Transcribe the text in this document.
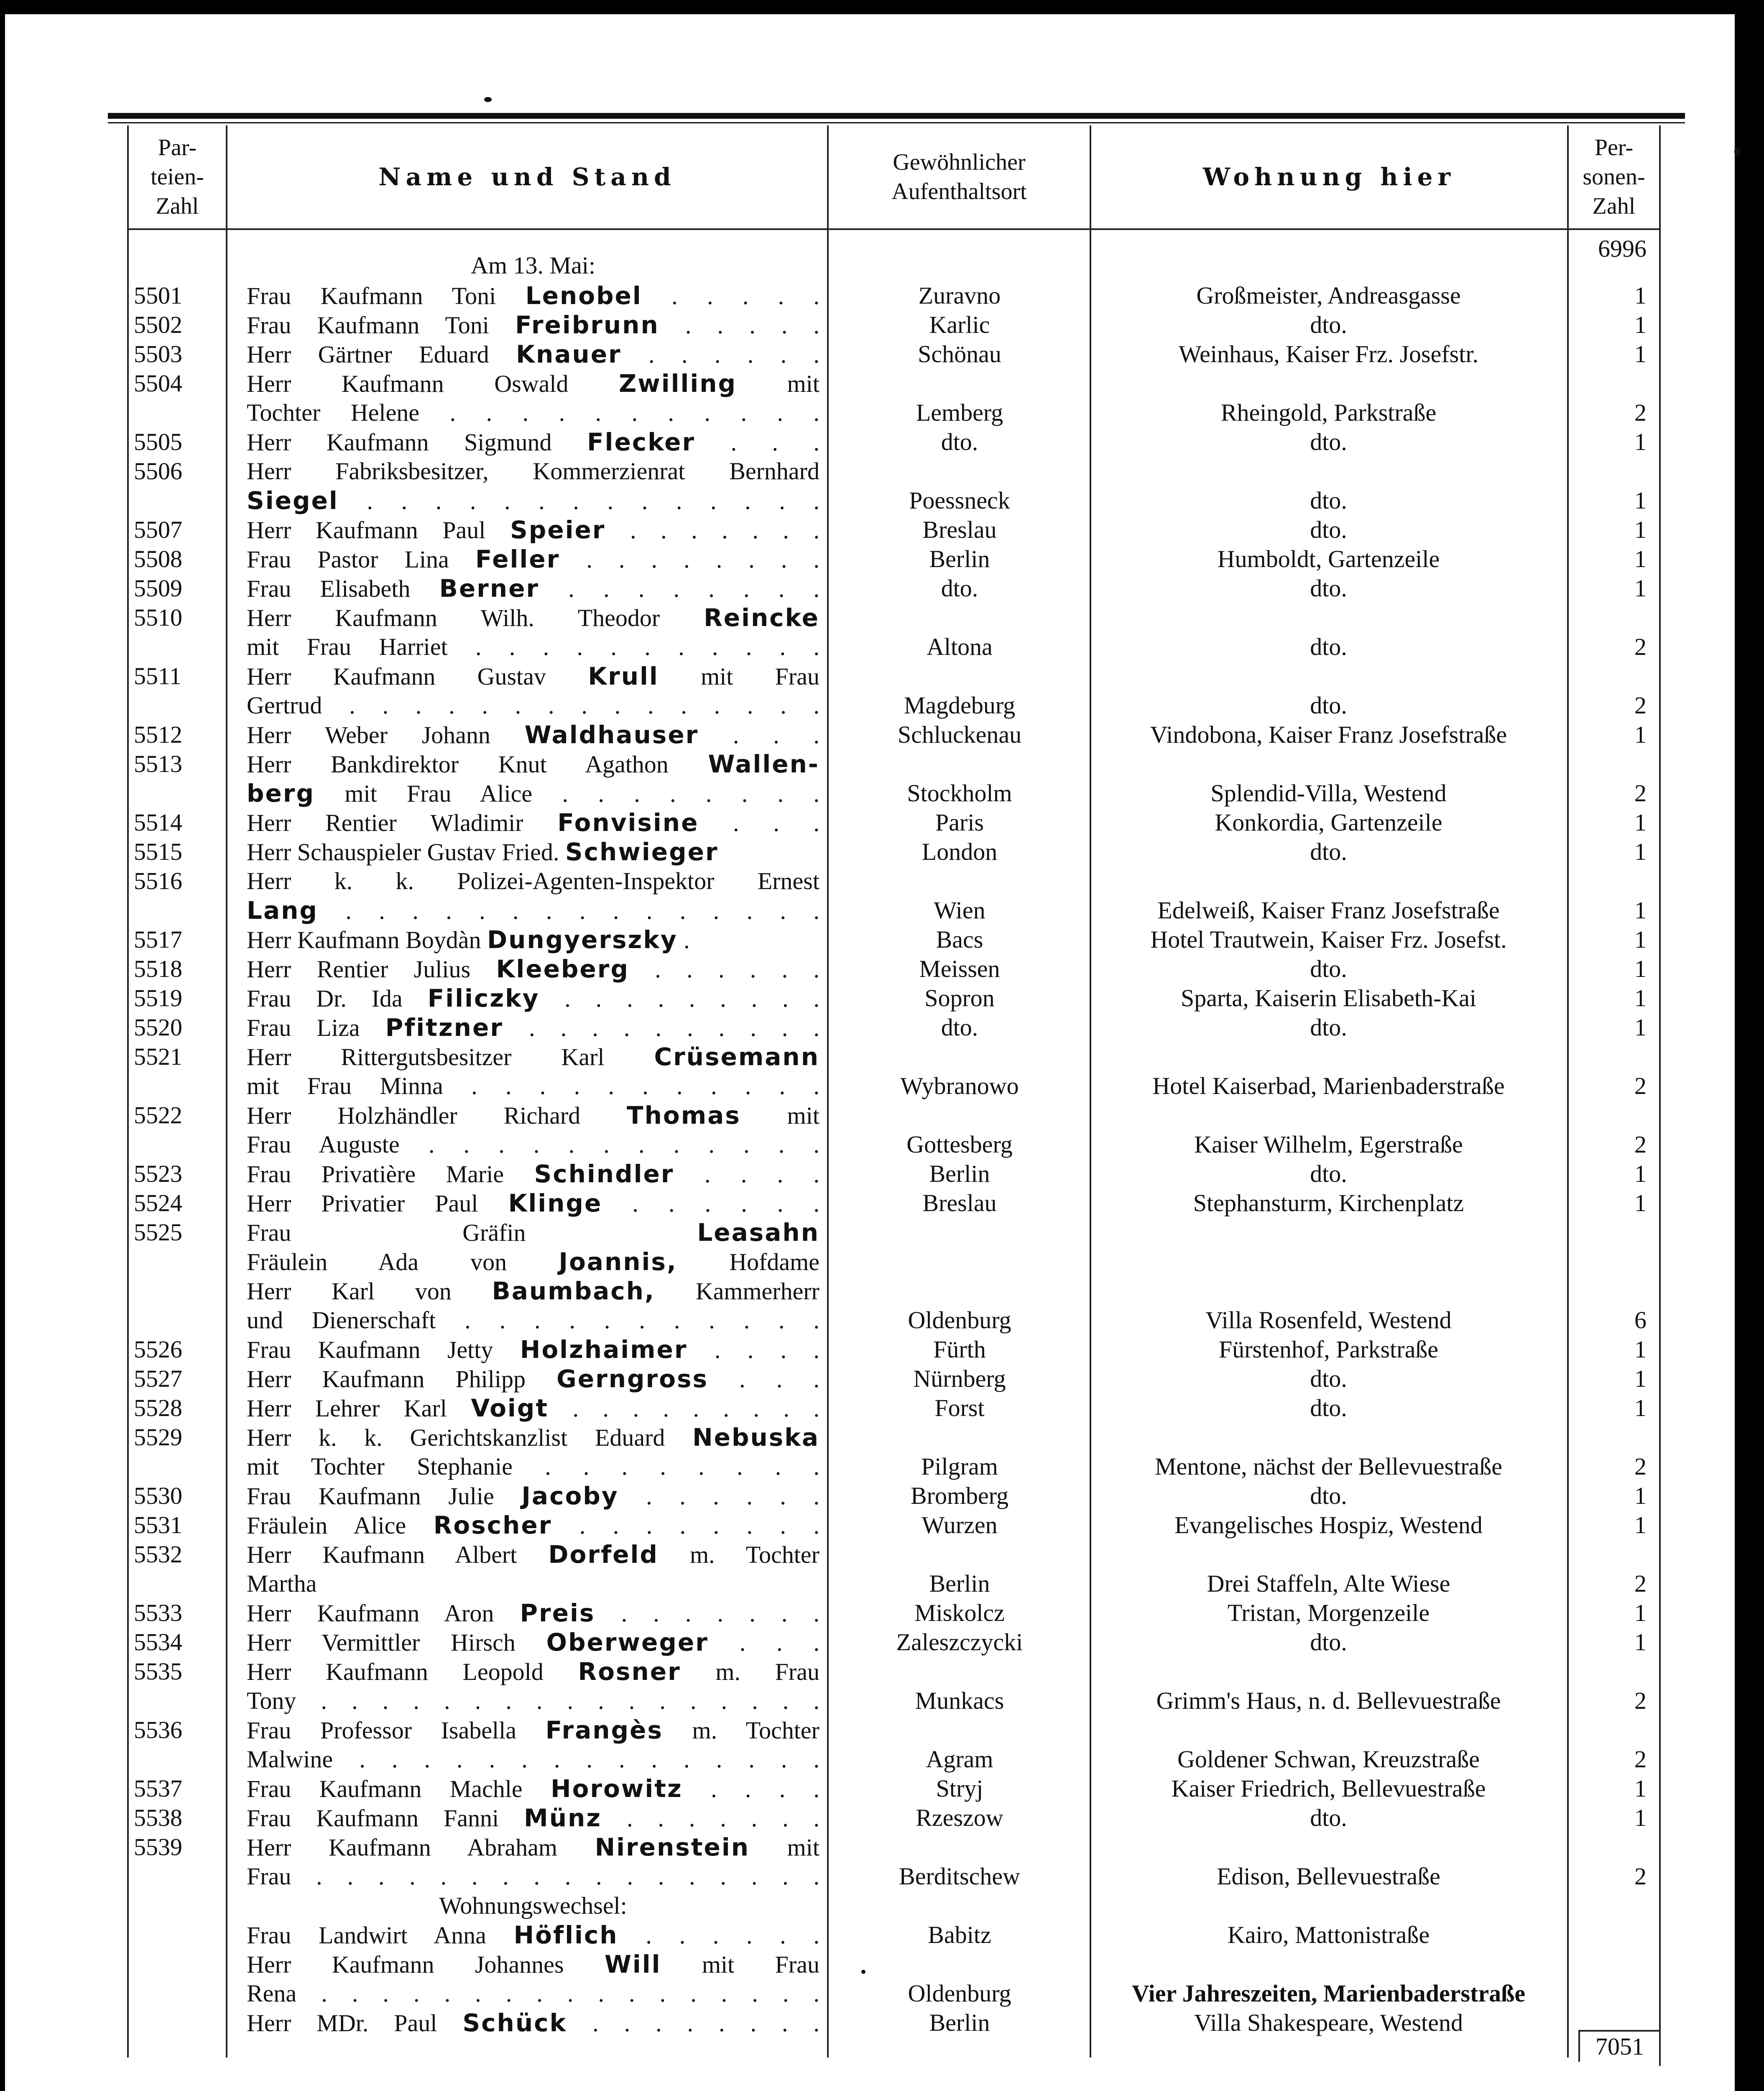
Par-
teien-
Zahl
Name und Stand
Gewöhnlicher
Aufenthaltsort
Wohnung hier
Per-
sonen-
Zahl
6996
Am 13. Mai:
5501	Frau Kaufmann Toni Lenobel . . . . .	Zuravno	Großmeister, Andreasgasse	1
5502	Frau Kaufmann Toni Freibrunn . . . . .	Karlic	dto.	1
5503	Herr Gärtner Eduard Knauer . . . . . .	Schönau	Weinhaus, Kaiser Frz. Josefstr.	1
5504	Herr Kaufmann Oswald Zwilling mit
Tochter Helene . . . . . . . . . . .	Lemberg	Rheingold, Parkstraße	2
5505	Herr Kaufmann Sigmund Flecker . . .	dto.	dto.	1
5506	Herr Fabriksbesitzer, Kommerzienrat Bernhard
Siegel . . . . . . . . . . . . . .	Poessneck	dto.	1
5507	Herr Kaufmann Paul Speier . . . . . . .	Breslau	dto.	1
5508	Frau Pastor Lina Feller . . . . . . . .	Berlin	Humboldt, Gartenzeile	1
5509	Frau Elisabeth Berner . . . . . . . .	dto.	dto.	1
5510	Herr Kaufmann Wilh. Theodor Reincke
mit Frau Harriet . . . . . . . . . . .	Altona	dto.	2
5511	Herr Kaufmann Gustav Krull mit Frau
Gertrud . . . . . . . . . . . . . . .	Magdeburg	dto.	2
5512	Herr Weber Johann Waldhauser . . .	Schluckenau	Vindobona, Kaiser Franz Josefstraße	1
5513	Herr Bankdirektor Knut Agathon Wallen-
berg mit Frau Alice . . . . . . . .	Stockholm	Splendid-Villa, Westend	2
5514	Herr Rentier Wladimir Fonvisine . . .	Paris	Konkordia, Gartenzeile	1
5515	Herr Schauspieler Gustav Fried. Schwieger	London	dto.	1
5516	Herr k. k. Polizei-Agenten-Inspektor Ernest
Lang . . . . . . . . . . . . . . .	Wien	Edelweiß, Kaiser Franz Josefstraße	1
5517	Herr Kaufmann Boydàn Dungyerszky .	Bacs	Hotel Trautwein, Kaiser Frz. Josefst.	1
5518	Herr Rentier Julius Kleeberg . . . . . .	Meissen	dto.	1
5519	Frau Dr. Ida Filiczky . . . . . . . . .	Sopron	Sparta, Kaiserin Elisabeth-Kai	1
5520	Frau Liza Pfitzner . . . . . . . . . .	dto.	dto.	1
5521	Herr Rittergutsbesitzer Karl Crüsemann
mit Frau Minna . . . . . . . . . . .	Wybranowo	Hotel Kaiserbad, Marienbaderstraße	2
5522	Herr Holzhändler Richard Thomas mit
Frau Auguste . . . . . . . . . . . .	Gottesberg	Kaiser Wilhelm, Egerstraße	2
5523	Frau Privatière Marie Schindler . . . .	Berlin	dto.	1
5524	Herr Privatier Paul Klinge . . . . . .	Breslau	Stephansturm, Kirchenplatz	1
5525	Frau Gräfin Leasahn
Fräulein Ada von Joannis, Hofdame
Herr Karl von Baumbach, Kammerherr
und Dienerschaft . . . . . . . . . . .	Oldenburg	Villa Rosenfeld, Westend	6
5526	Frau Kaufmann Jetty Holzhaimer . . . .	Fürth	Fürstenhof, Parkstraße	1
5527	Herr Kaufmann Philipp Gerngross . . .	Nürnberg	dto.	1
5528	Herr Lehrer Karl Voigt . . . . . . . . .	Forst	dto.	1
5529	Herr k. k. Gerichtskanzlist Eduard Nebuska
mit Tochter Stephanie . . . . . . . .	Pilgram	Mentone, nächst der Bellevuestraße	2
5530	Frau Kaufmann Julie Jacoby . . . . . .	Bromberg	dto.	1
5531	Fräulein Alice Roscher . . . . . . . .	Wurzen	Evangelisches Hospiz, Westend	1
5532	Herr Kaufmann Albert Dorfeld m. Tochter
Martha	Berlin	Drei Staffeln, Alte Wiese	2
5533	Herr Kaufmann Aron Preis . . . . . . .	Miskolcz	Tristan, Morgenzeile	1
5534	Herr Vermittler Hirsch Oberweger . . .	Zaleszczycki	dto.	1
5535	Herr Kaufmann Leopold Rosner m. Frau
Tony . . . . . . . . . . . . . . . . .	Munkacs	Grimm's Haus, n. d. Bellevuestraße	2
5536	Frau Professor Isabella Frangès m. Tochter
Malwine . . . . . . . . . . . . . . .	Agram	Goldener Schwan, Kreuzstraße	2
5537	Frau Kaufmann Machle Horowitz . . . .	Stryj	Kaiser Friedrich, Bellevuestraße	1
5538	Frau Kaufmann Fanni Münz . . . . . . .	Rzeszow	dto.	1
5539	Herr Kaufmann Abraham Nirenstein mit
Frau . . . . . . . . . . . . . . . . .	Berditschew	Edison, Bellevuestraße	2
Wohnungswechsel:
Frau Landwirt Anna Höflich . . . . . .	Babitz	Kairo, Mattonistraße
Herr Kaufmann Johannes Will mit Frau
Rena . . . . . . . . . . . . . . . . .	Oldenburg	Vier Jahreszeiten, Marienbaderstraße
Herr MDr. Paul Schück . . . . . . . .	Berlin	Villa Shakespeare, Westend
7051
